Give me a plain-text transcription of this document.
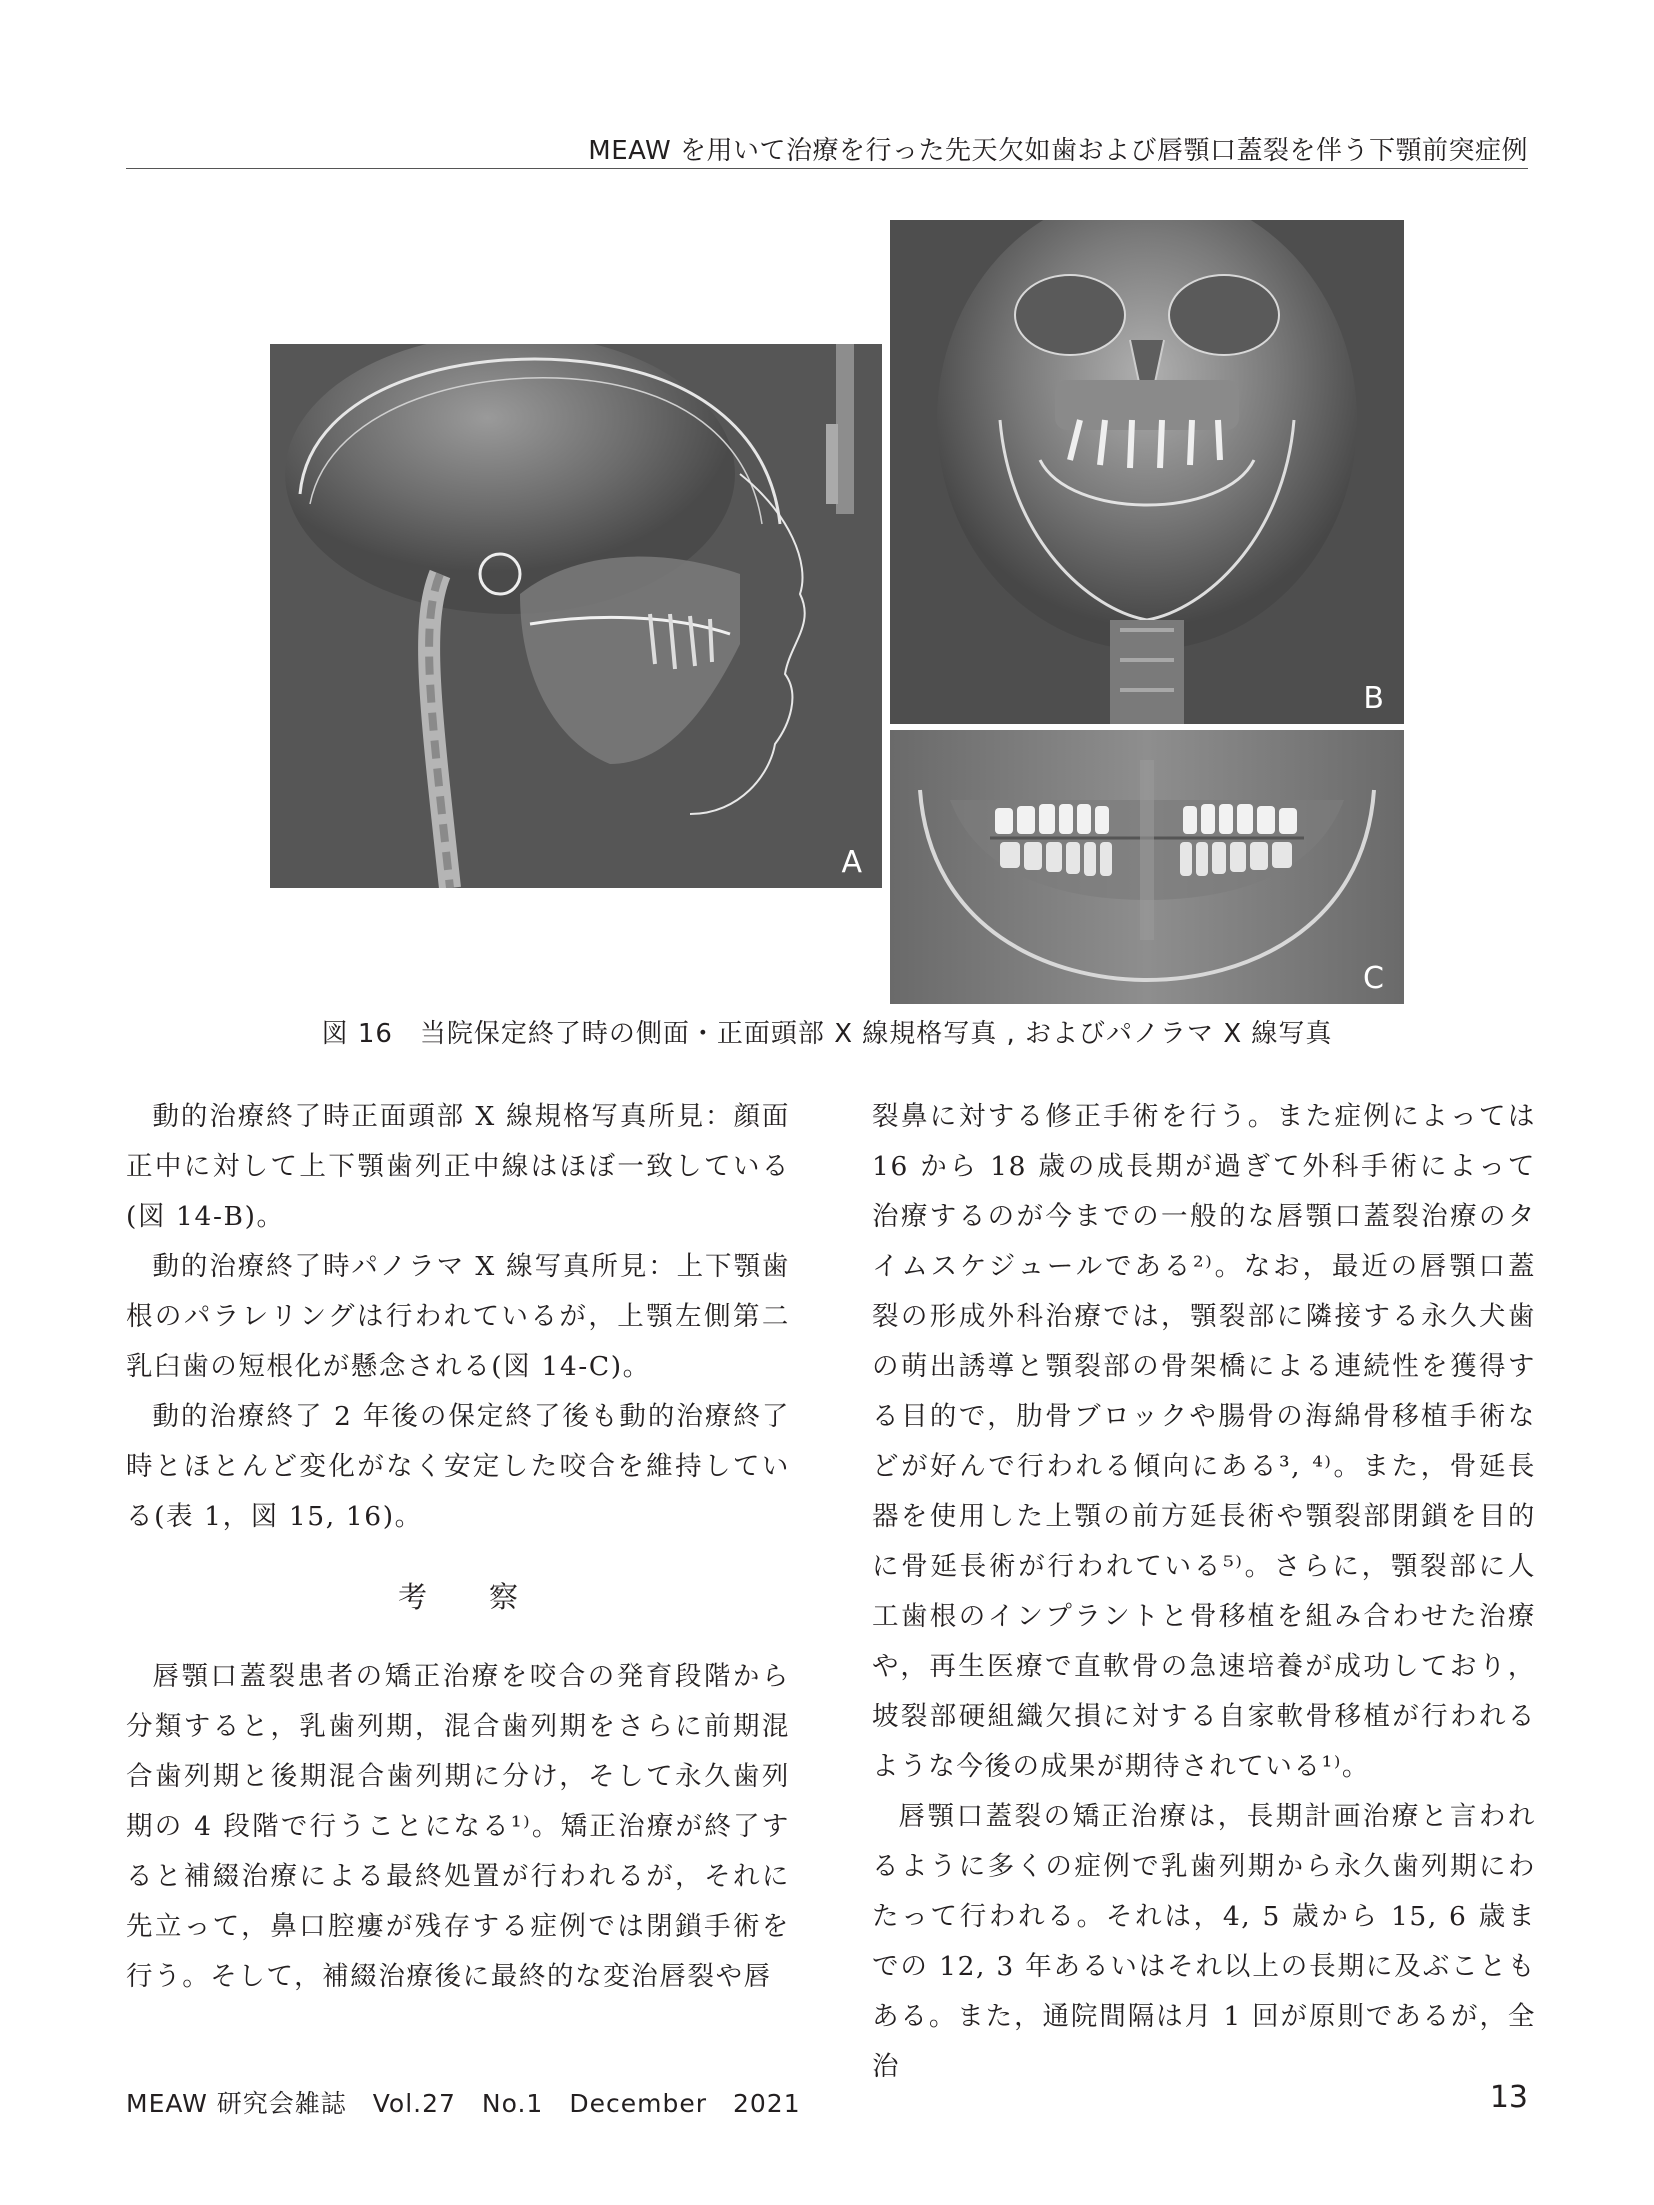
MEAW を用いて治療を行った先天欠如歯および唇顎口蓋裂を伴う下顎前突症例
A
B
C
図 16　当院保定終了時の側面・正面頭部 X 線規格写真 , およびパノラマ X 線写真

動的治療終了時正面頭部 X 線規格写真所見：顔面正中に対して上下顎歯列正中線はほぼ一致している(図 14-B)。

動的治療終了時パノラマ X 線写真所見：上下顎歯根のパラレリングは行われているが，上顎左側第二乳臼歯の短根化が懸念される(図 14-C)。

動的治療終了 2 年後の保定終了後も動的治療終了時とほとんど変化がなく安定した咬合を維持している(表 1，図 15, 16)。

考察

唇顎口蓋裂患者の矯正治療を咬合の発育段階から分類すると，乳歯列期，混合歯列期をさらに前期混合歯列期と後期混合歯列期に分け，そして永久歯列期の 4 段階で行うことになる¹⁾。矯正治療が終了すると補綴治療による最終処置が行われるが，それに先立って，鼻口腔瘻が残存する症例では閉鎖手術を行う。そして，補綴治療後に最終的な変治唇裂や唇

裂鼻に対する修正手術を行う。また症例によっては 16 から 18 歳の成長期が過ぎて外科手術によって治療するのが今までの一般的な唇顎口蓋裂治療のタイムスケジュールである²⁾。なお，最近の唇顎口蓋裂の形成外科治療では，顎裂部に隣接する永久犬歯の萌出誘導と顎裂部の骨架橋による連続性を獲得する目的で，肋骨ブロックや腸骨の海綿骨移植手術などが好んで行われる傾向にある³, ⁴⁾。また，骨延長器を使用した上顎の前方延長術や顎裂部閉鎖を目的に骨延長術が行われている⁵⁾。さらに，顎裂部に人工歯根のインプラントと骨移植を組み合わせた治療や，再生医療で直軟骨の急速培養が成功しており，坡裂部硬組織欠損に対する自家軟骨移植が行われるような今後の成果が期待されている¹⁾。

唇顎口蓋裂の矯正治療は，長期計画治療と言われるように多くの症例で乳歯列期から永久歯列期にわたって行われる。それは，4, 5 歳から 15, 6 歳までの 12, 3 年あるいはそれ以上の長期に及ぶこともある。また，通院間隔は月 1 回が原則であるが，全治

MEAW 研究会雑誌　Vol.27　No.1　December　2021	13
